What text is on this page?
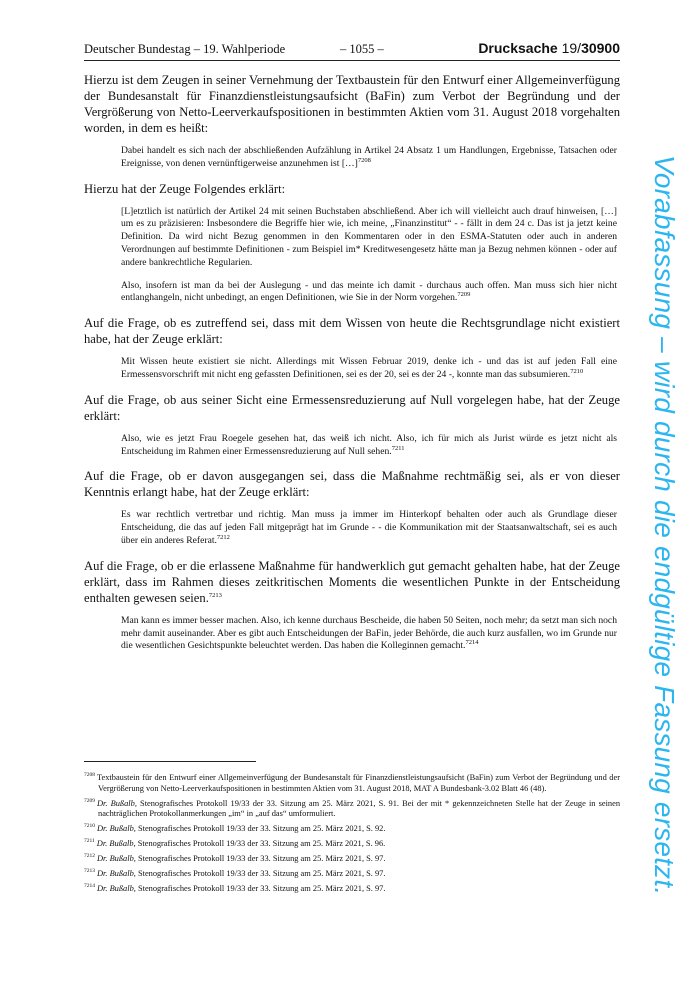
Deutscher Bundestag – 19. Wahlperiode	– 1055 –	Drucksache 19/30900

Hierzu ist dem Zeugen in seiner Vernehmung der Textbaustein für den Entwurf einer Allgemeinverfügung der Bundesanstalt für Finanzdienstleistungsaufsicht (BaFin) zum Verbot der Begründung und der Vergrößerung von Netto-Leerverkaufspositionen in bestimmten Aktien vom 31. August 2018 vorgehalten worden, in dem es heißt:

Dabei handelt es sich nach der abschließenden Aufzählung in Artikel 24 Absatz 1 um Handlungen, Ergebnisse, Tatsachen oder Ereignisse, von denen vernünftigerweise anzunehmen ist […]$^{7208}$

Hierzu hat der Zeuge Folgendes erklärt:

[L]etztlich ist natürlich der Artikel 24 mit seinen Buchstaben abschließend. Aber ich will vielleicht auch drauf hinweisen, […] um es zu präzisieren: Insbesondere die Begriffe hier wie, ich meine, „Finanzinstitut“ - - fällt in dem 24 c. Das ist ja jetzt keine Definition. Da wird nicht Bezug genommen in den Kommentaren oder in den ESMA-Statuten oder auch in anderen Verordnungen auf bestimmte Definitionen - zum Beispiel im* Kreditwesengesetz hätte man ja Bezug nehmen können - oder auf andere bankrechtliche Regularien.

Also, insofern ist man da bei der Auslegung - und das meinte ich damit - durchaus auch offen. Man muss sich hier nicht entlanghangeln, nicht unbedingt, an engen Definitionen, wie Sie in der Norm vorgehen.$^{7209}$

Auf die Frage, ob es zutreffend sei, dass mit dem Wissen von heute die Rechtsgrundlage nicht existiert habe, hat der Zeuge erklärt:

Mit Wissen heute existiert sie nicht. Allerdings mit Wissen Februar 2019, denke ich - und das ist auf jeden Fall eine Ermessensvorschrift mit nicht eng gefassten Definitionen, sei es der 20, sei es der 24 -, konnte man das subsumieren.$^{7210}$

Auf die Frage, ob aus seiner Sicht eine Ermessensreduzierung auf Null vorgelegen habe, hat der Zeuge erklärt:

Also, wie es jetzt Frau Roegele gesehen hat, das weiß ich nicht. Also, ich für mich als Jurist würde es jetzt nicht als Entscheidung im Rahmen einer Ermessensreduzierung auf Null sehen.$^{7211}$

Auf die Frage, ob er davon ausgegangen sei, dass die Maßnahme rechtmäßig sei, als er von dieser Kenntnis erlangt habe, hat der Zeuge erklärt:

Es war rechtlich vertretbar und richtig. Man muss ja immer im Hinterkopf behalten oder auch als Grundlage dieser Entscheidung, die das auf jeden Fall mitgeprägt hat im Grunde - - die Kommunikation mit der Staatsanwaltschaft, sei es auch über ein anderes Referat.$^{7212}$

Auf die Frage, ob er die erlassene Maßnahme für handwerklich gut gemacht gehalten habe, hat der Zeuge erklärt, dass im Rahmen dieses zeitkritischen Moments die wesentlichen Punkte in der Entscheidung enthalten gewesen seien.$^{7213}$

Man kann es immer besser machen. Also, ich kenne durchaus Bescheide, die haben 50 Seiten, noch mehr; da setzt man sich noch mehr damit auseinander. Aber es gibt auch Entscheidungen der BaFin, jeder Behörde, die auch kurz ausfallen, wo im Grunde nur die wesentlichen Gesichtspunkte beleuchtet werden. Das haben die Kolleginnen gemacht.$^{7214}$

$^{7208}$ Textbaustein für den Entwurf einer Allgemeinverfügung der Bundesanstalt für Finanzdienstleistungsaufsicht (BaFin) zum Verbot der Begründung und der Vergrößerung von Netto-Leerverkaufspositionen in bestimmten Aktien vom 31. August 2018, MAT A Bundesbank-3.02 Blatt 46 (48).

$^{7209}$ Dr. Bußalb, Stenografisches Protokoll 19/33 der 33. Sitzung am 25. März 2021, S. 91. Bei der mit * gekennzeichneten Stelle hat der Zeuge in seinen nachträglichen Protokollanmerkungen „im“ in „auf das“ umformuliert.

$^{7210}$ Dr. Bußalb, Stenografisches Protokoll 19/33 der 33. Sitzung am 25. März 2021, S. 92.

$^{7211}$ Dr. Bußalb, Stenografisches Protokoll 19/33 der 33. Sitzung am 25. März 2021, S. 96.

$^{7212}$ Dr. Bußalb, Stenografisches Protokoll 19/33 der 33. Sitzung am 25. März 2021, S. 97.

$^{7213}$ Dr. Bußalb, Stenografisches Protokoll 19/33 der 33. Sitzung am 25. März 2021, S. 97.

$^{7214}$ Dr. Bußalb, Stenografisches Protokoll 19/33 der 33. Sitzung am 25. März 2021, S. 97.	Vorabfassung – wird durch die endgültige Fassung ersetzt.
